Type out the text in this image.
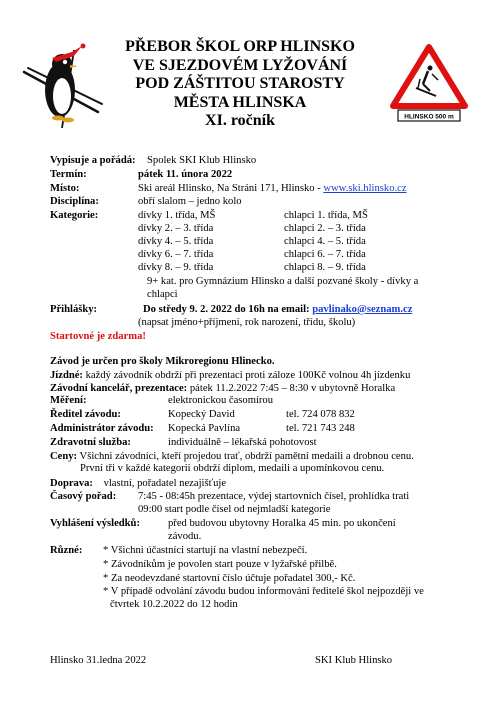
PŘEBOR ŠKOL ORP HLINSKO
VE SJEZDOVÉM LYŽOVÁNÍ
POD ZÁŠTITOU STAROSTY
MĚSTA HLINSKA
XI. ročník	HLINSKO 500 m
Vypisuje a pořádá: Spolek SKI Klub Hlinsko
Termín:	pátek 11. února 2022
Místo:	Ski areál Hlinsko, Na Stráni 171, Hlinsko - www.ski.hlinsko.cz
Disciplína:	obří slalom – jedno kolo
Kategorie:	dívky 1. třída, MŠ	chlapci 1. třída, MŠ
dívky 2. – 3. třída	chlapci 2. – 3. třída
dívky 4. – 5. třída	chlapci 4. – 5. třída
dívky 6. – 7. třída	chlapci 6. – 7. třída
dívky 8. – 9. třída	chlapci 8. – 9. třída
9+ kat. pro Gymnázium Hlinsko a další pozvané školy - dívky a
chlapci
Přihlášky:	Do středy 9. 2. 2022 do 16h na email: pavlinako@seznam.cz
(napsat jméno+příjmení, rok narození, třídu, školu)
Startovné je zdarma!
Závod je určen pro školy Mikroregionu Hlinecko.
Jízdné: každý závodník obdrží při prezentaci proti záloze 100Kč volnou 4h jízdenku
Závodní kancelář, prezentace: pátek 11.2.2022 7:45 – 8:30 v ubytovně Horalka
Měření:	elektronickou časomírou
Ředitel závodu:	Kopecký David	tel. 724 078 832
Administrátor závodu: Kopecká Pavlína	tel. 721 743 248
Zdravotní služba:	individuálně – lékařská pohotovost
Ceny: Všichni závodníci, kteří projedou trať, obdrží pamětní medaili a drobnou cenu.
První tři v každé kategorii obdrží diplom, medaili a upomínkovou cenu.
Doprava: vlastní, pořadatel nezajišťuje
Časový pořad: 7:45 - 08:45h prezentace, výdej startovních čísel, prohlídka trati
09:00 start podle čísel od nejmladší kategorie
Vyhlášení výsledků:	před budovou ubytovny Horalka 45 min. po ukončení
závodu.
Různé: * Všichni účastníci startují na vlastní nebezpečí.
* Závodníkům je povolen start pouze v lyžařské přilbě.
* Za neodevzdané startovní číslo účtuje pořadatel 300,- Kč.
* V případě odvolání závodu budou informováni ředitelé škol nejpozději ve
čtvrtek 10.2.2022 do 12 hodin
Hlinsko 31.ledna 2022	SKI Klub Hlinsko
